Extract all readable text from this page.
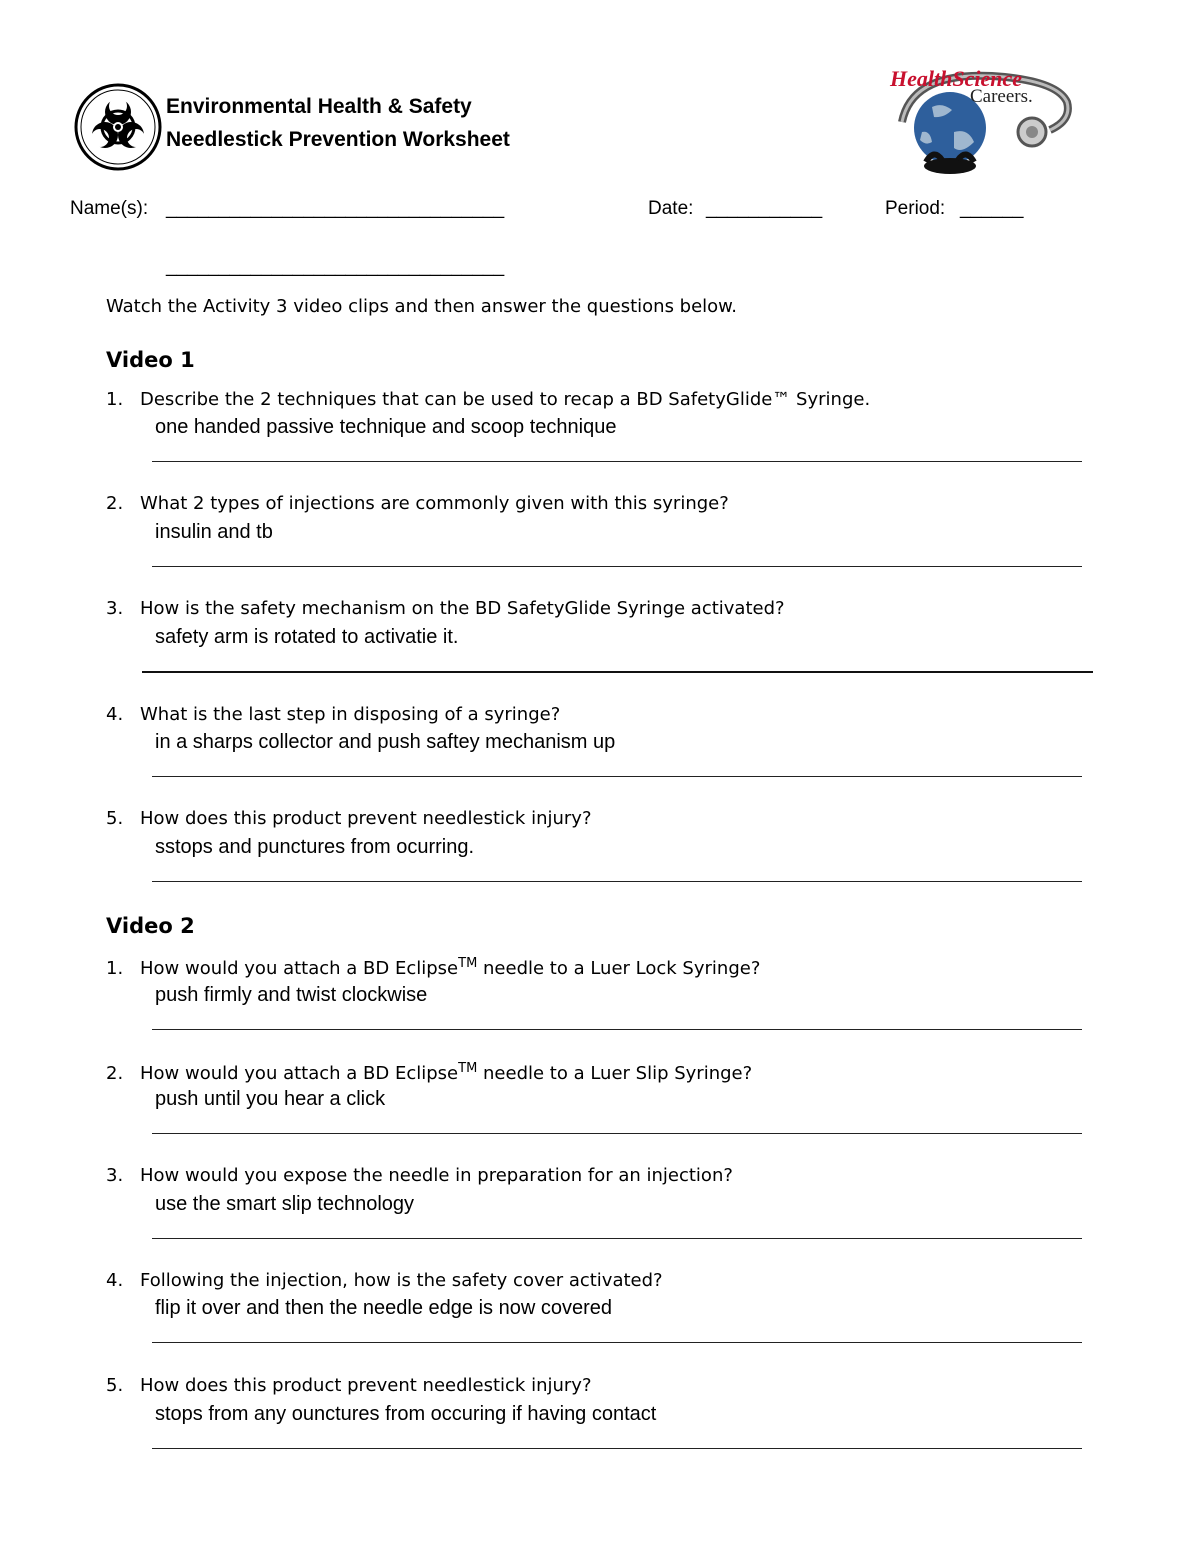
Environmental Health & Safety
Needlestick Prevention Worksheet
HealthScience
Careers.
Name(s): ________________________________	Date: ___________	Period: ______
________________________________
Watch the Activity 3 video clips and then answer the questions below.
Video 1
1. Describe the 2 techniques that can be used to recap a BD SafetyGlide™ Syringe.
one handed passive technique and scoop technique
2. What 2 types of injections are commonly given with this syringe?
insulin and tb
3. How is the safety mechanism on the BD SafetyGlide Syringe activated?
safety arm is rotated to activatie it.
4. What is the last step in disposing of a syringe?
in a sharps collector and push saftey mechanism up
5. How does this product prevent needlestick injury?
sstops and punctures from ocurring.
Video 2
1. How would you attach a BD Eclipse™ needle to a Luer Lock Syringe?
push firmly and twist clockwise
2. How would you attach a BD Eclipse™ needle to a Luer Slip Syringe?
push until you hear a click
3. How would you expose the needle in preparation for an injection?
use the smart slip technology
4. Following the injection, how is the safety cover activated?
flip it over and then the needle edge is now covered
5. How does this product prevent needlestick injury?
stops from any ounctures from occuring if having contact
